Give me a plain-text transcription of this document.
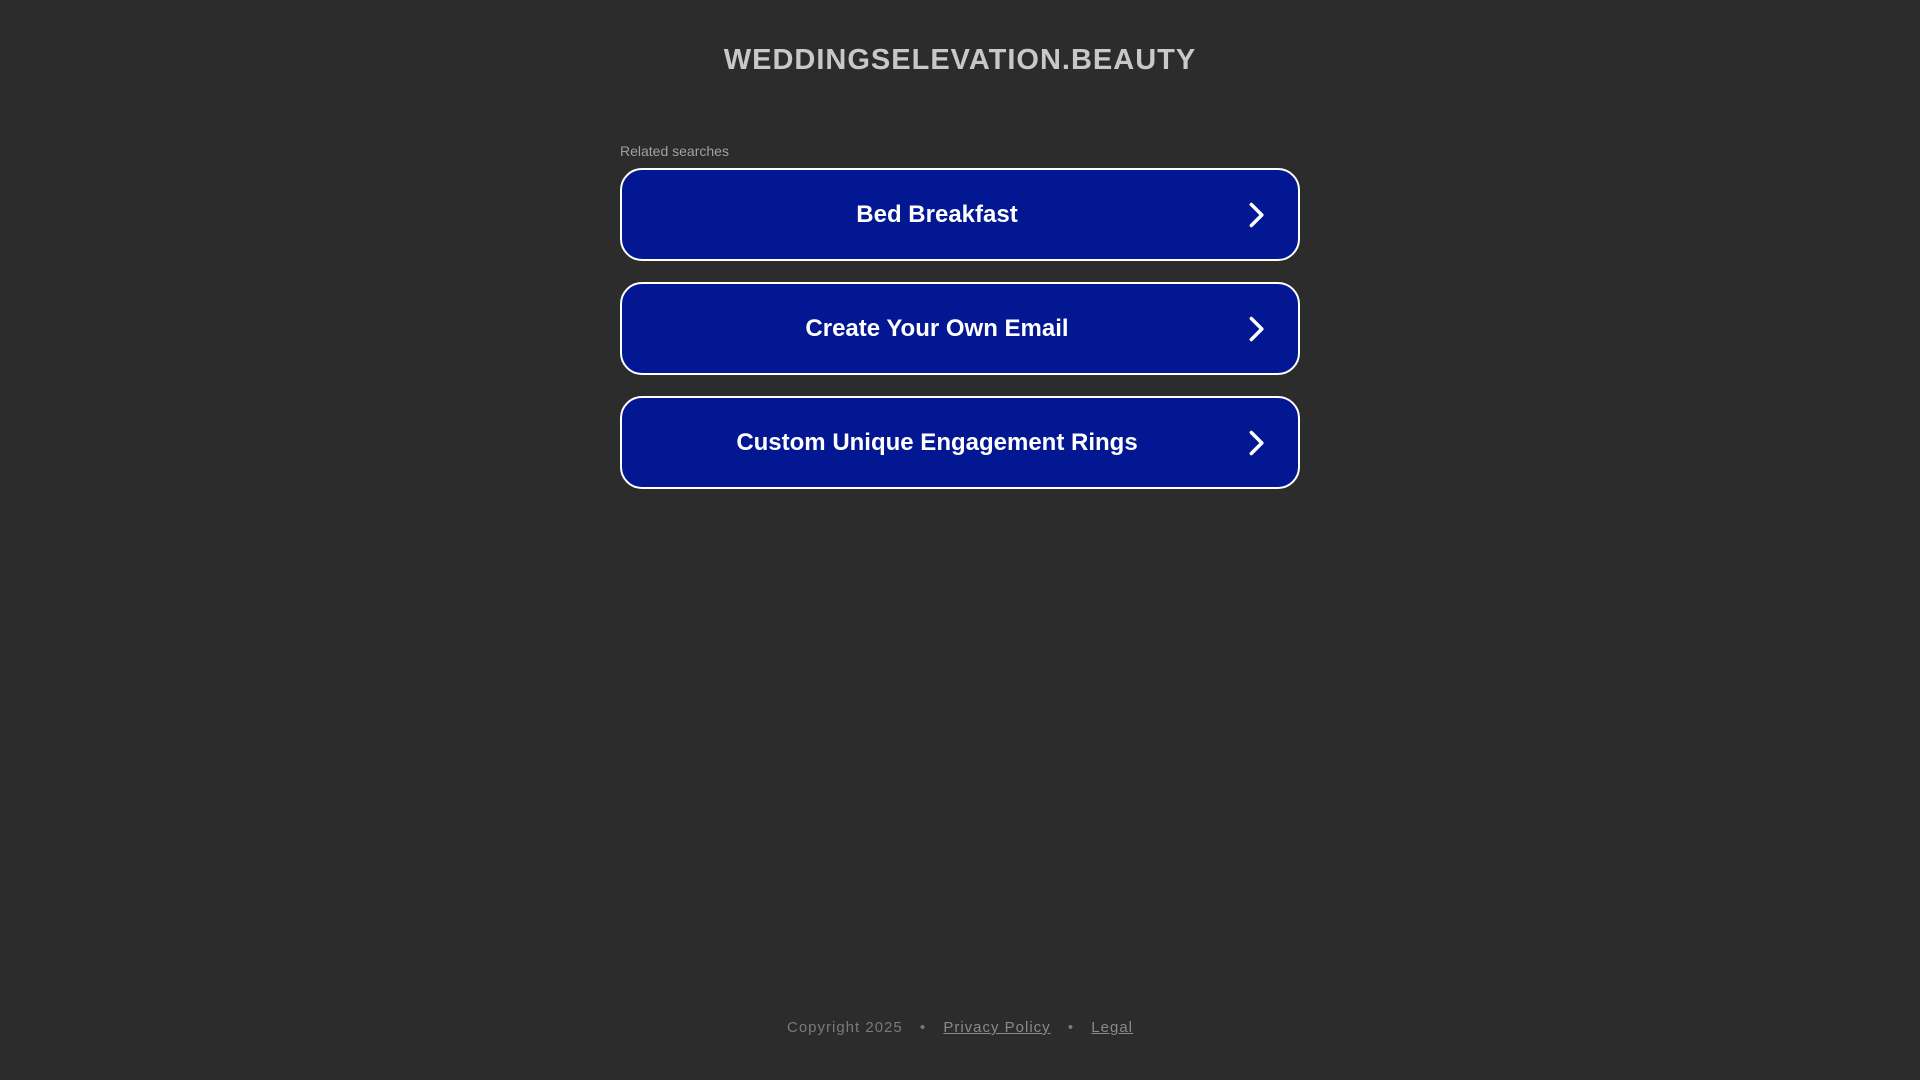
WEDDINGSELEVATION.BEAUTY
Related searches
Bed Breakfast
Create Your Own Email
Custom Unique Engagement Rings
Copyright 2025 • Privacy Policy • Legal
